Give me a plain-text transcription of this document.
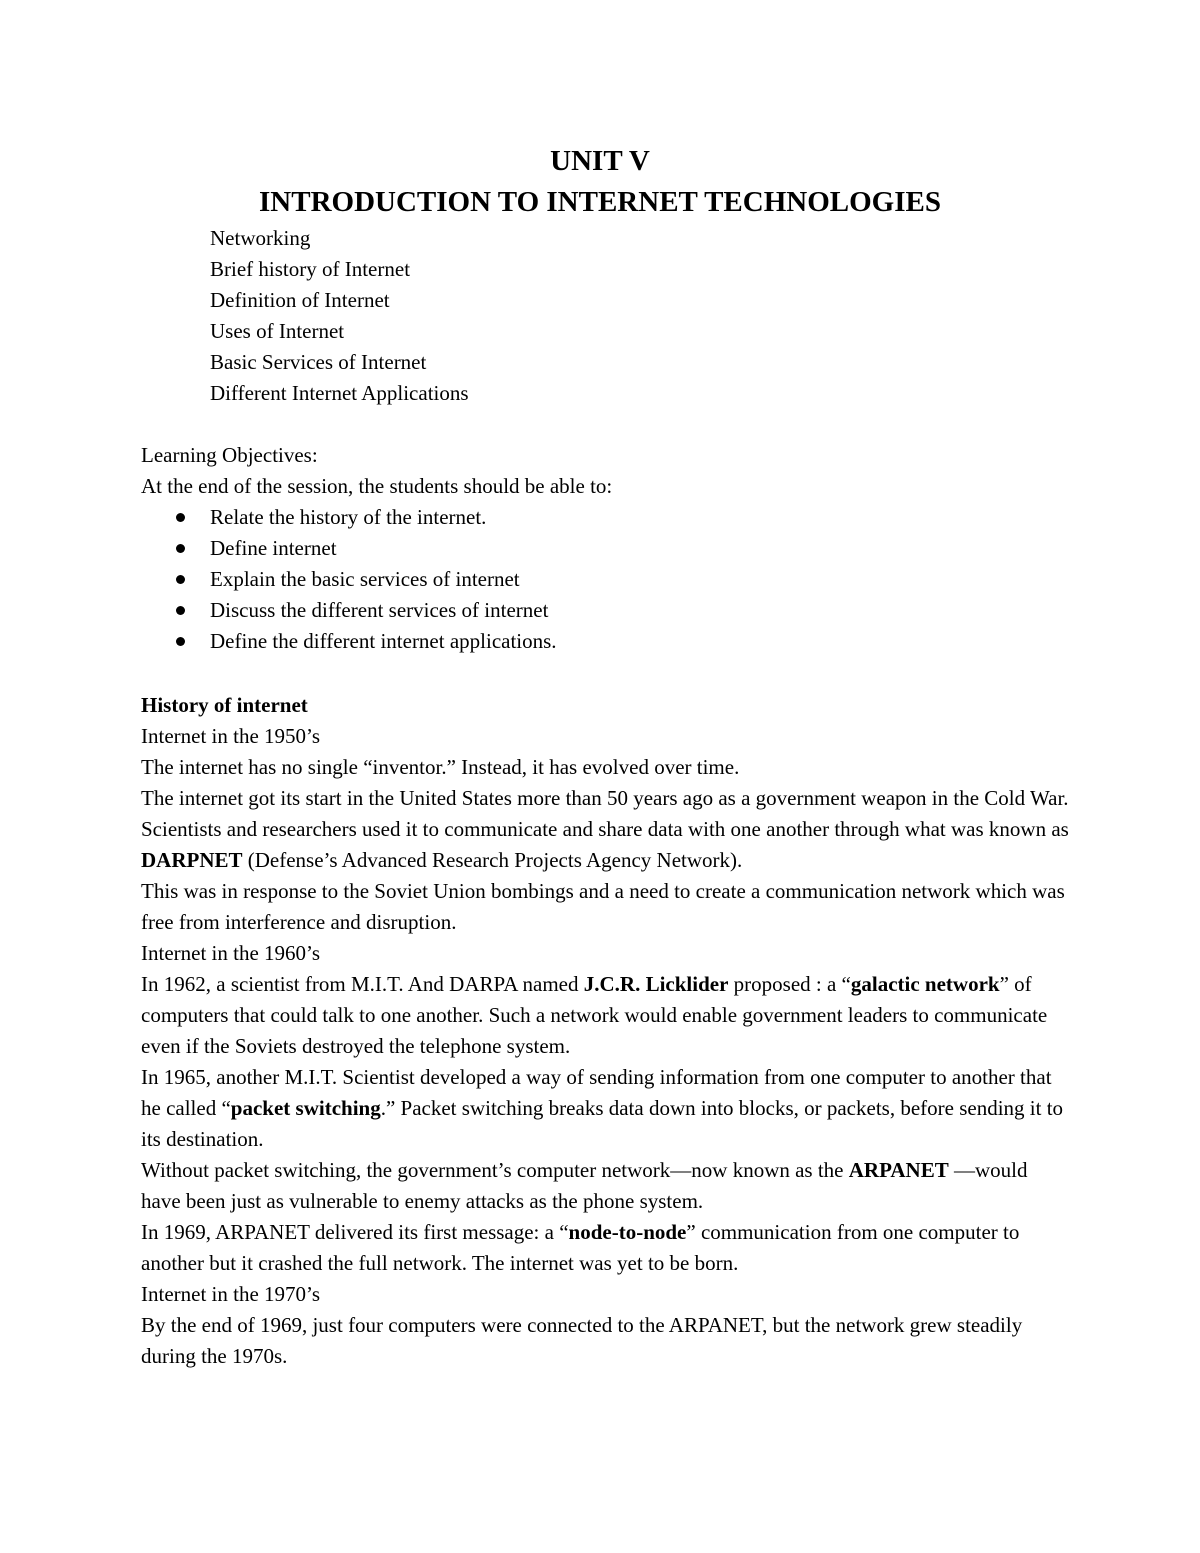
UNIT V
INTRODUCTION TO INTERNET TECHNOLOGIES
Networking
Brief history of Internet
Definition of Internet
Uses of Internet
Basic Services of Internet
Different Internet Applications
Learning Objectives:
At the end of the session, the students should be able to:
Relate the history of the internet.
Define internet
Explain the basic services of internet
Discuss the different services of internet
Define the different internet applications.

History of internet

Internet in the 1950’s

The internet has no single “inventor.” Instead, it has evolved over time.

The internet got its start in the United States more than 50 years ago as a government weapon in the Cold War.

Scientists and researchers used it to communicate and share data with one another through what was known as DARPNET (Defense’s Advanced Research Projects Agency Network).

This was in response to the Soviet Union bombings and a need to create a communication network which was free from interference and disruption.

Internet in the 1960’s

In 1962, a scientist from M.I.T. And DARPA named J.C.R. Licklider proposed : a “galactic network” of computers that could talk to one another. Such a network would enable government leaders to communicate even if the Soviets destroyed the telephone system.

In 1965, another M.I.T. Scientist developed a way of sending information from one computer to another that he called “packet switching.” Packet switching breaks data down into blocks, or packets, before sending it to its destination.

Without packet switching, the government’s computer network—now known as the ARPANET —would have been just as vulnerable to enemy attacks as the phone system.

In 1969, ARPANET delivered its first message: a “node-to-node” communication from one computer to another but it crashed the full network. The internet was yet to be born.

Internet in the 1970’s

By the end of 1969, just four computers were connected to the ARPANET, but the network grew steadily during the 1970s.
